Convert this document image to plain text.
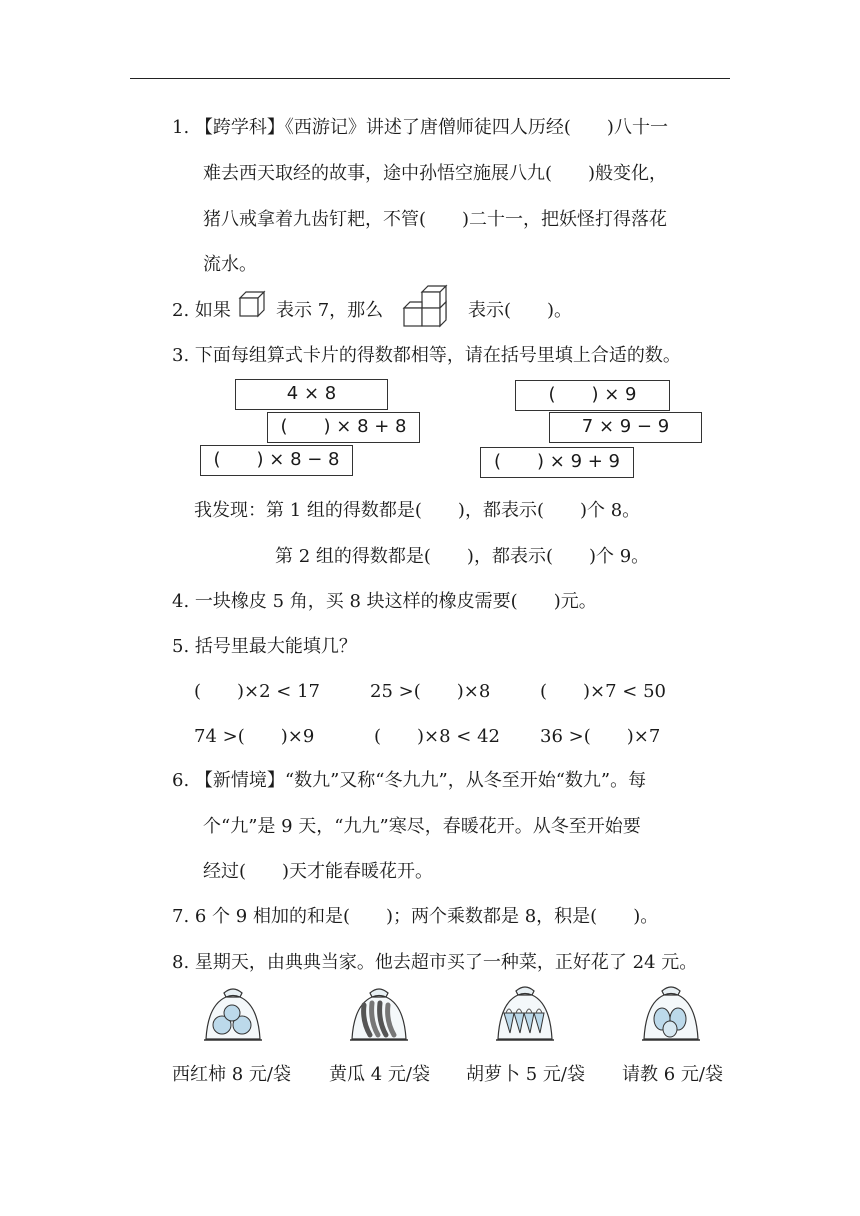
1. 【跨学科】《西游记》讲述了唐僧师徒四人历经(　　)八十一
难去西天取经的故事，途中孙悟空施展八九(　　)般变化，
猪八戒拿着九齿钉耙，不管(　　)二十一，把妖怪打得落花
流水。
2. 如果	表示 7，那么	表示(　　)。
3. 下面每组算式卡片的得数都相等，请在括号里填上合适的数。
4 × 8
(　　) × 8 + 8
(　　) × 8 − 8
(　　) × 9
7 × 9 − 9
(　　) × 9 + 9
我发现：第 1 组的得数都是(　　)，都表示(　　)个 8。
第 2 组的得数都是(　　)，都表示(　　)个 9。
4. 一块橡皮 5 角，买 8 块这样的橡皮需要(　　)元。
5. 括号里最大能填几？
(　　)×2 < 17	25 >(　　)×8	(　　)×7 < 50
74 >(　　)×9	(　　)×8 < 42 36 >(　　)×7
6. 【新情境】“数九”又称“冬九九”，从冬至开始“数九”。每
个“九”是 9 天，“九九”寒尽，春暖花开。从冬至开始要
经过(　　)天才能春暖花开。
7. 6 个 9 相加的和是(　　)；两个乘数都是 8，积是(　　)。
8. 星期天，由典典当家。他去超市买了一种菜，正好花了 24 元。
西红柿 8 元/袋 黄瓜 4 元/袋 胡萝卜 5 元/袋 请教 6 元/袋
